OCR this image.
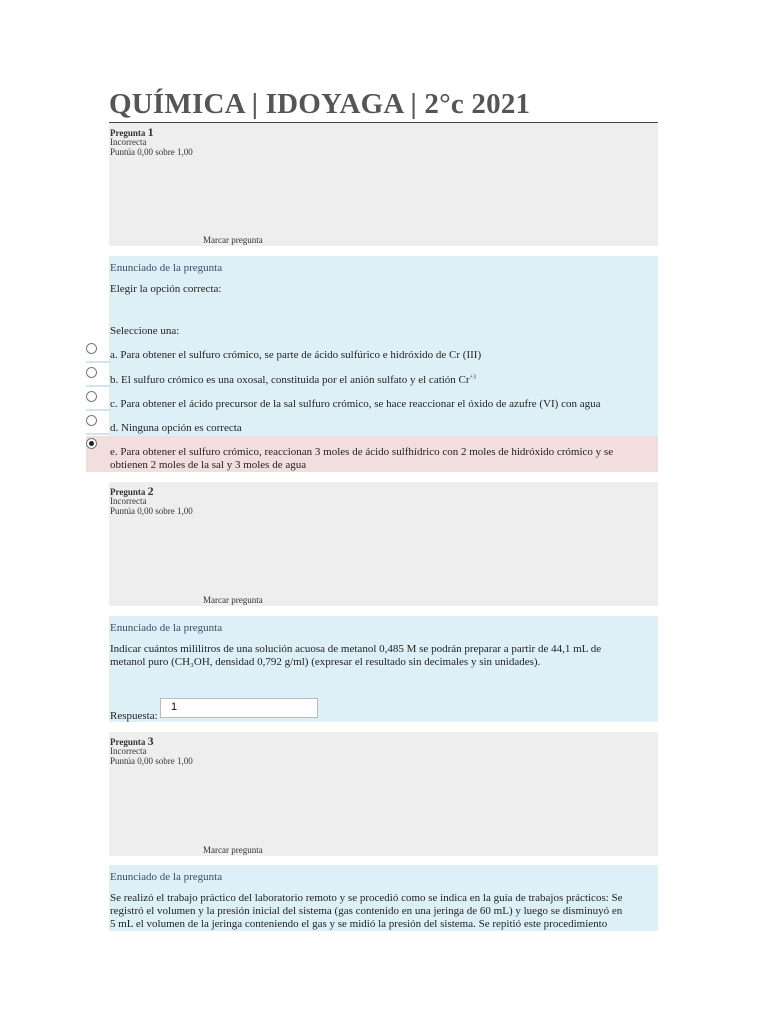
QUÍMICA | IDOYAGA | 2°c 2021
Pregunta 1
Incorrecta
Puntúa 0,00 sobre 1,00
Marcar pregunta
Enunciado de la pregunta
Elegir la opción correcta:
Seleccione una:
a. Para obtener el sulfuro crómico, se parte de ácido sulfúrico e hidróxido de Cr (III)
b. El sulfuro crómico es una oxosal, constituida por el anión sulfato y el catión $Cr^{+3}$
c. Para obtener el ácido precursor de la sal sulfuro crómico, se hace reaccionar el óxido de azufre (VI) con agua
d. Ninguna opción es correcta
e. Para obtener el sulfuro crómico, reaccionan 3 moles de ácido sulfhídrico con 2 moles de hidróxido crómico y se
obtienen 2 moles de la sal y 3 moles de agua
Pregunta 2
Incorrecta
Puntúa 0,00 sobre 1,00
Marcar pregunta
Enunciado de la pregunta
Indicar cuántos mililitros de una solución acuosa de metanol 0,485 M se podrán preparar a partir de 44,1 mL de
metanol puro (CH₃OH, densidad 0,792 g/ml) (expresar el resultado sin decimales y sin unidades).
Respuesta:
1
Pregunta 3
Incorrecta
Puntúa 0,00 sobre 1,00
Marcar pregunta
Enunciado de la pregunta
Se realizó el trabajo práctico del laboratorio remoto y se procedió como se indica en la guía de trabajos prácticos: Se
registró el volumen y la presión inicial del sistema (gas contenido en una jeringa de 60 mL) y luego se disminuyó en
5 mL el volumen de la jeringa conteniendo el gas y se midió la presión del sistema. Se repitió este procedimiento
